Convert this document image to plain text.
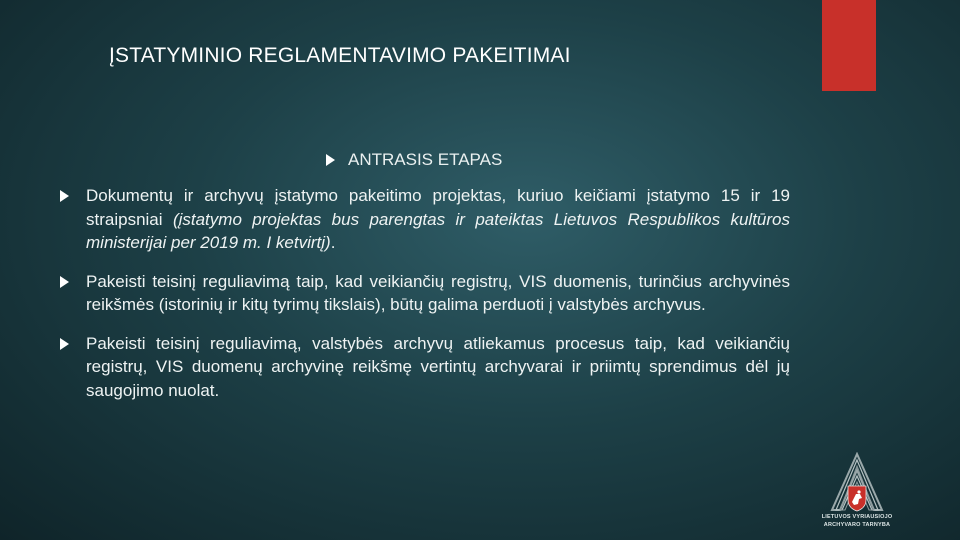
ĮSTATYMINIO REGLAMENTAVIMO PAKEITIMAI
ANTRASIS ETAPAS
Dokumentų ir archyvų įstatymo pakeitimo projektas, kuriuo keičiami įstatymo 15 ir 19 straipsniai (įstatymo projektas bus parengtas ir pateiktas Lietuvos Respublikos kultūros ministerijai per 2019 m. I ketvirtį).
Pakeisti teisinį reguliavimą taip, kad veikiančių registrų, VIS duomenis, turinčius archyvinės reikšmės (istorinių ir kitų tyrimų tikslais), būtų galima perduoti į valstybės archyvus.
Pakeisti teisinį reguliavimą, valstybės archyvų atliekamus procesus taip, kad veikiančių registrų, VIS duomenų archyvinę reikšmę vertintų archyvarai ir priimtų sprendimus dėl jų saugojimo nuolat.
LIETUVOS VYRIAUSIOJO
ARCHYVARO TARNYBA
